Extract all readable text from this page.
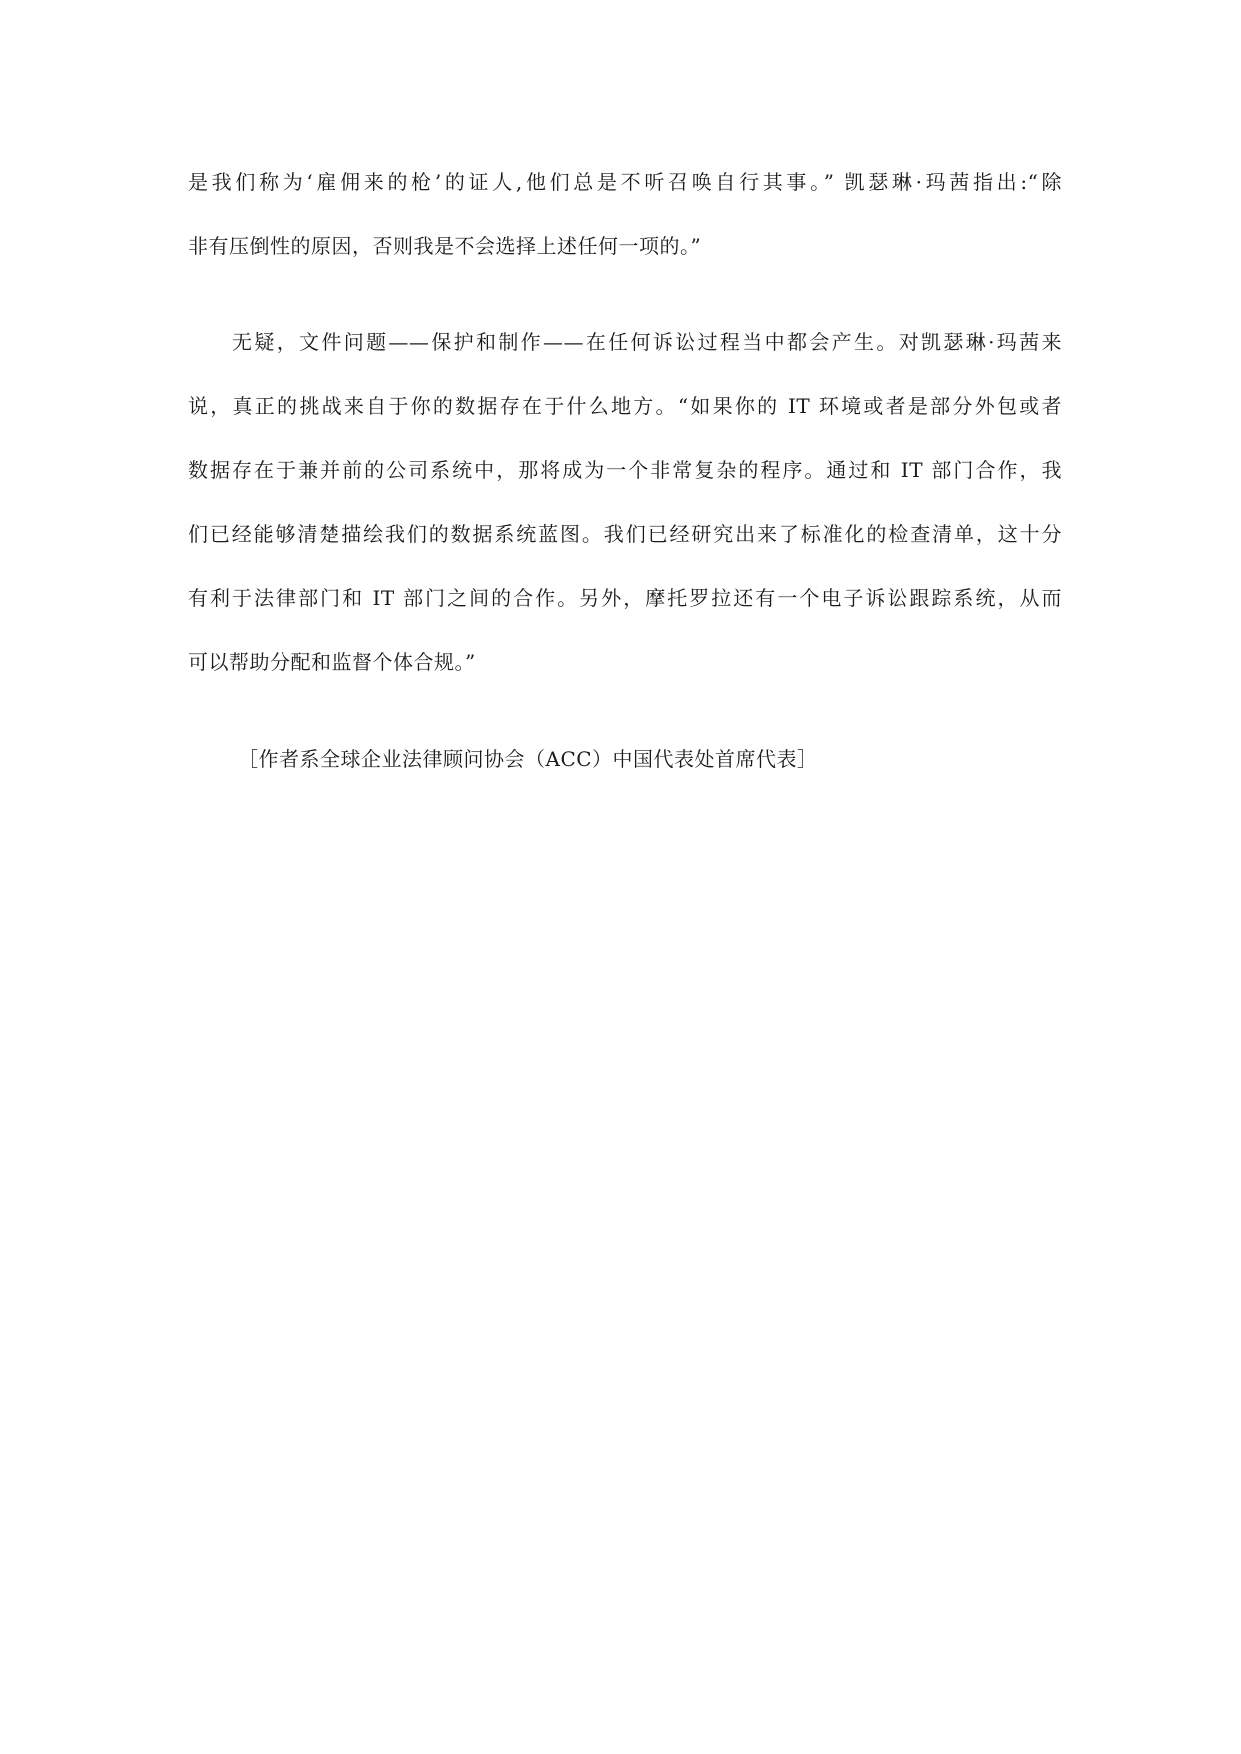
是我们称为‘雇佣来的枪’的证人,他们总是不听召唤自行其事。” 凯瑟琳·玛茜指出:“除
非有压倒性的原因，否则我是不会选择上述任何一项的。”

无疑，文件问题——保护和制作——在任何诉讼过程当中都会产生。对凯瑟琳·玛茜来
说，真正的挑战来自于你的数据存在于什么地方。“如果你的 IT 环境或者是部分外包或者
数据存在于兼并前的公司系统中，那将成为一个非常复杂的程序。通过和 IT 部门合作，我
们已经能够清楚描绘我们的数据系统蓝图。我们已经研究出来了标准化的检查清单，这十分
有利于法律部门和 IT 部门之间的合作。另外，摩托罗拉还有一个电子诉讼跟踪系统，从而
可以帮助分配和监督个体合规。”

［作者系全球企业法律顾问协会（ACC）中国代表处首席代表］
